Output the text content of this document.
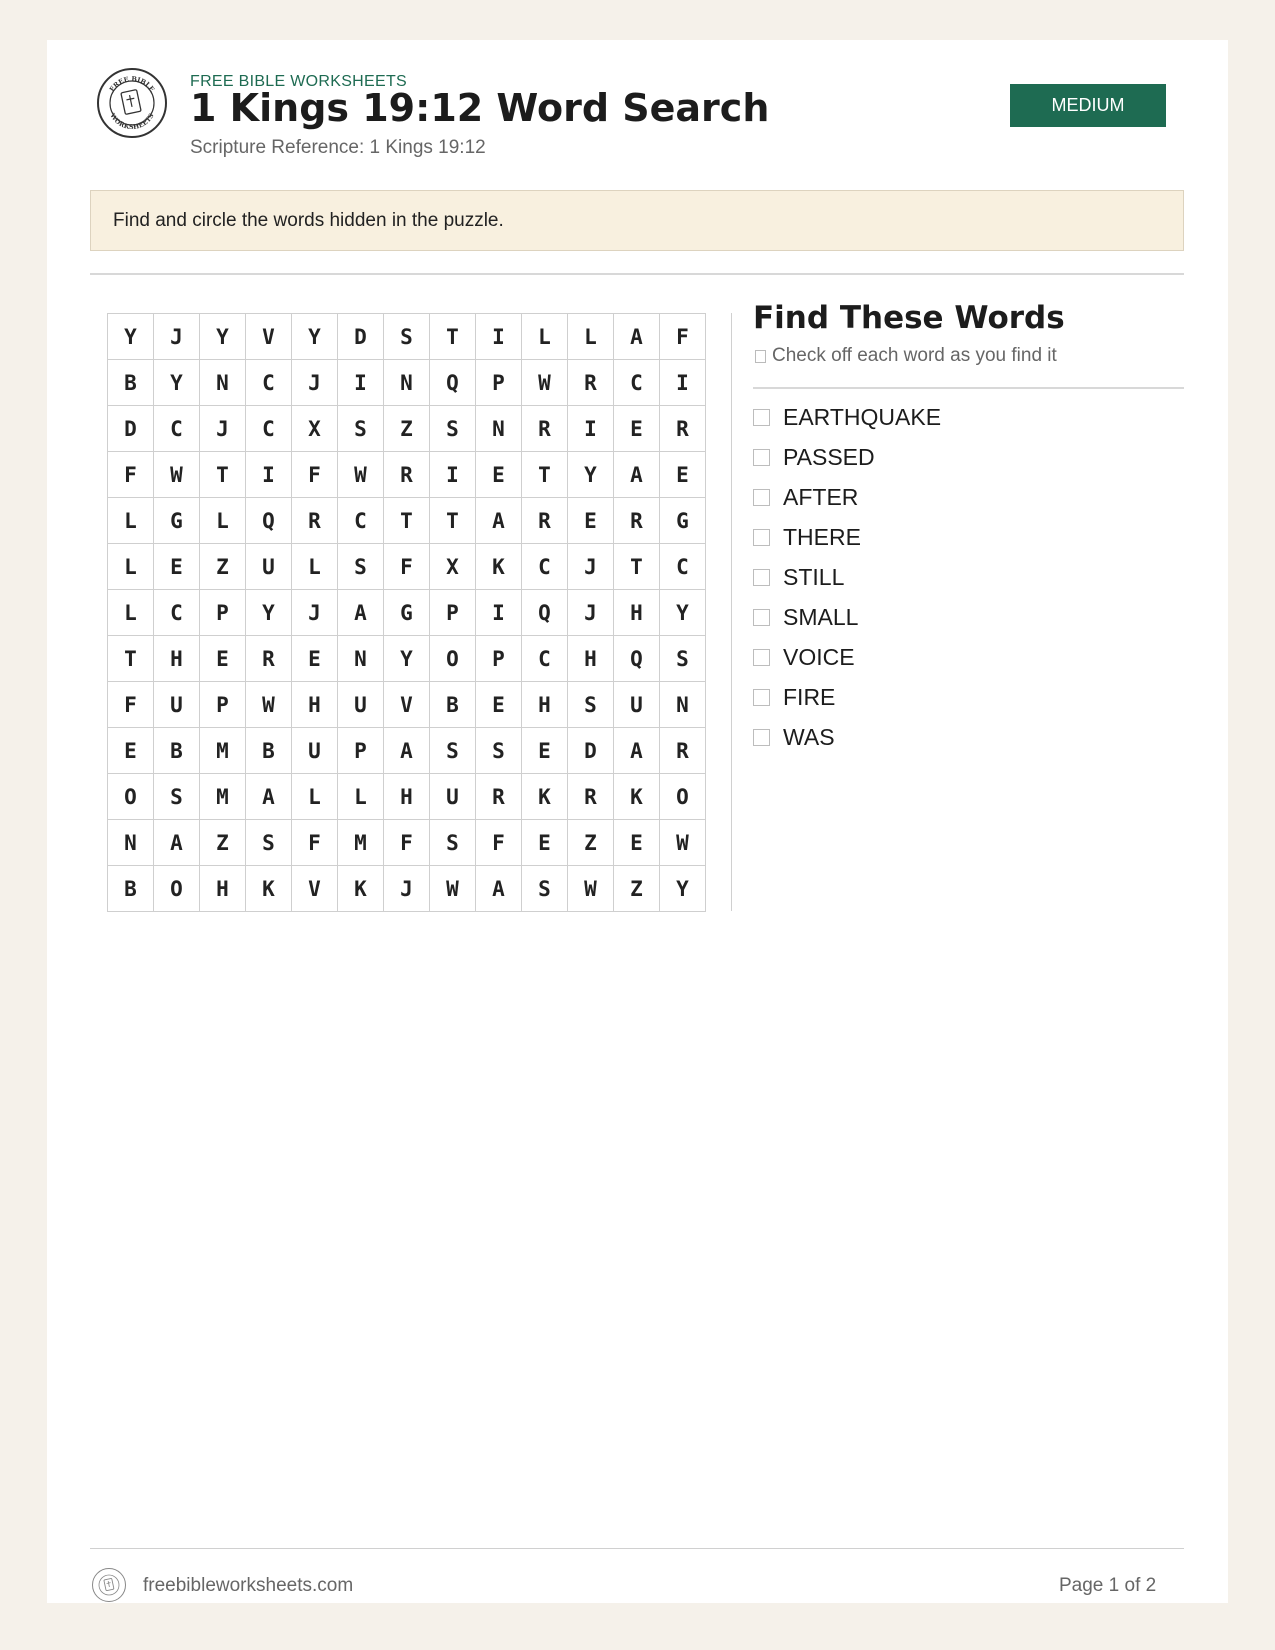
FREE BIBLE
WORKSHEETS
FREE BIBLE WORKSHEETS
1 Kings 19:12 Word Search
Scripture Reference: 1 Kings 19:12
MEDIUM
Find and circle the words hidden in the puzzle.
Y	J	Y	V	Y	D	S	T	I	L	L	A	F
B	Y	N	C	J	I	N	Q	P	W	R	C	I
D	C	J	C	X	S	Z	S	N	R	I	E	R
F	W	T	I	F	W	R	I	E	T	Y	A	E
L	G	L	Q	R	C	T	T	A	R	E	R	G
L	E	Z	U	L	S	F	X	K	C	J	T	C
L	C	P	Y	J	A	G	P	I	Q	J	H	Y
T	H	E	R	E	N	Y	O	P	C	H	Q	S
F	U	P	W	H	U	V	B	E	H	S	U	N
E	B	M	B	U	P	A	S	S	E	D	A	R
O	S	M	A	L	L	H	U	R	K	R	K	O
N	A	Z	S	F	M	F	S	F	E	Z	E	W
B	O	H	K	V	K	J	W	A	S	W	Z	Y
Find These Words
Check off each word as you find it
EARTHQUAKE
PASSED
AFTER
THERE
STILL
SMALL
VOICE
FIRE
WAS
freebibleworksheets.com	Page 1 of 2
